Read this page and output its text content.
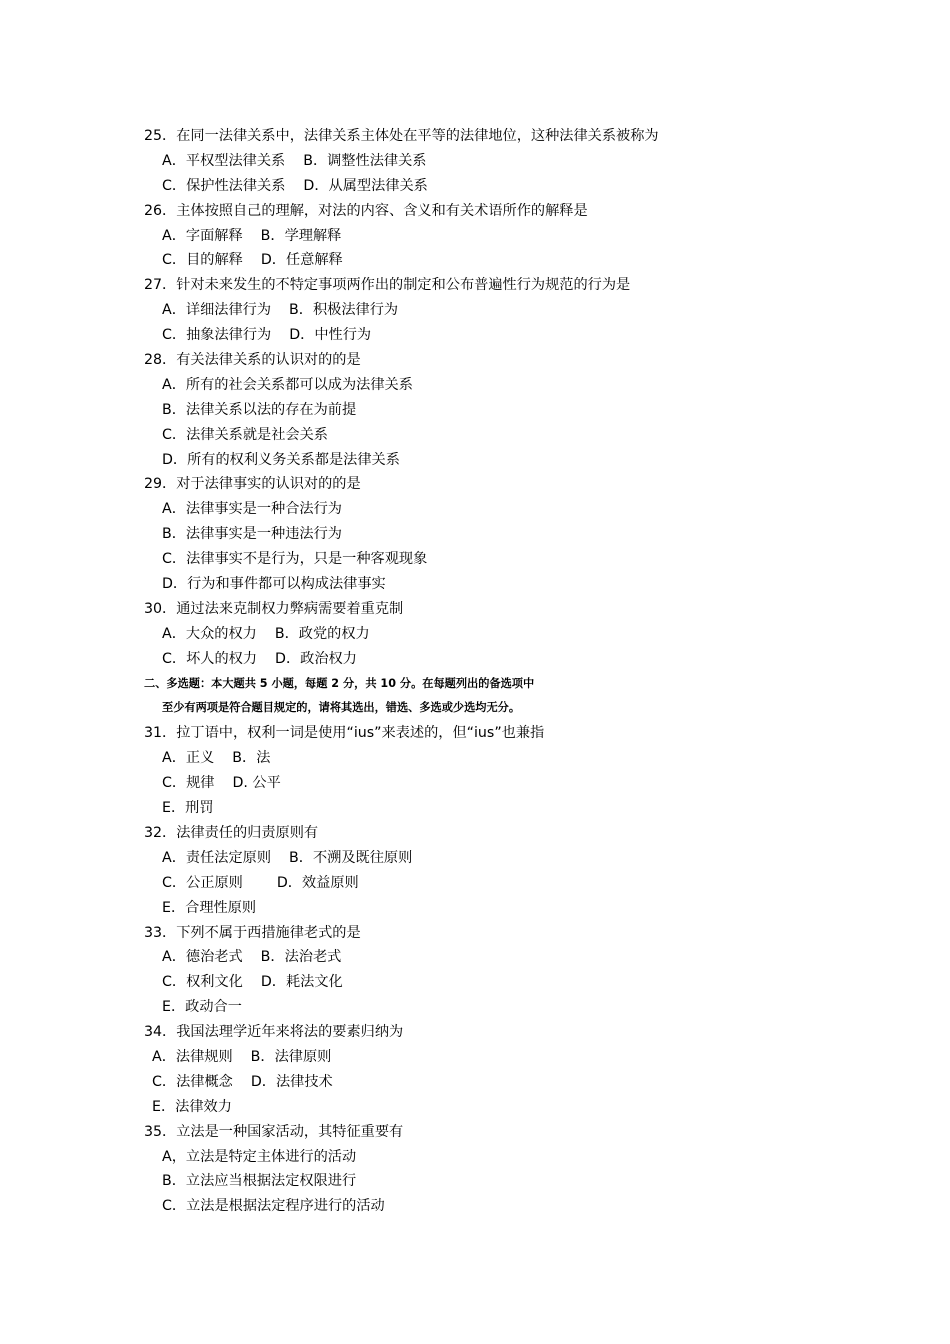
25．在同一法律关系中，法律关系主体处在平等的法律地位，这种法律关系被称为
A．平权型法律关系 B．调整性法律关系
C．保护性法律关系 D．从属型法律关系
26．主体按照自己的理解，对法的内容、含义和有关术语所作的解释是
A．字面解释 B．学理解释
C．目的解释 D．任意解释
27．针对未来发生的不特定事项两作出的制定和公布普遍性行为规范的行为是
A．详细法律行为 B．积极法律行为
C．抽象法律行为 D．中性行为
28．有关法律关系的认识对的的是
A．所有的社会关系都可以成为法律关系
B．法律关系以法的存在为前提
C．法律关系就是社会关系
D．所有的权利义务关系都是法律关系
29．对于法律事实的认识对的的是
A．法律事实是一种合法行为
B．法律事实是一种违法行为
C．法律事实不是行为，只是一种客观现象
D．行为和事件都可以构成法律事实
30．通过法来克制权力弊病需要着重克制
A．大众的权力 B．政党的权力
C．坏人的权力 D．政治权力
二、多选题：本大题共 5 小题，每题 2 分，共 10 分。在每题列出的备选项中
至少有两项是符合题目规定的，请将其选出，错选、多选或少选均无分。
31．拉丁语中，权利一词是使用“ius”来表述的，但“ius”也兼指
A．正义 B．法
C．规律 D. 公平
E．刑罚
32．法律责任的归责原则有
A．责任法定原则 B．不溯及既往原则
C．公正原则 D．效益原则
E．合理性原则
33．下列不属于西措施律老式的是
A．德治老式 B．法治老式
C．权利文化 D．耗法文化
E．政动合一
34．我国法理学近年来将法的要素归纳为
A．法律规则 B．法律原则
C．法律概念 D．法律技术
E．法律效力
35．立法是一种国家活动，其特征重要有
A，立法是特定主体进行的活动
B．立法应当根据法定权限进行
C．立法是根据法定程序进行的活动
